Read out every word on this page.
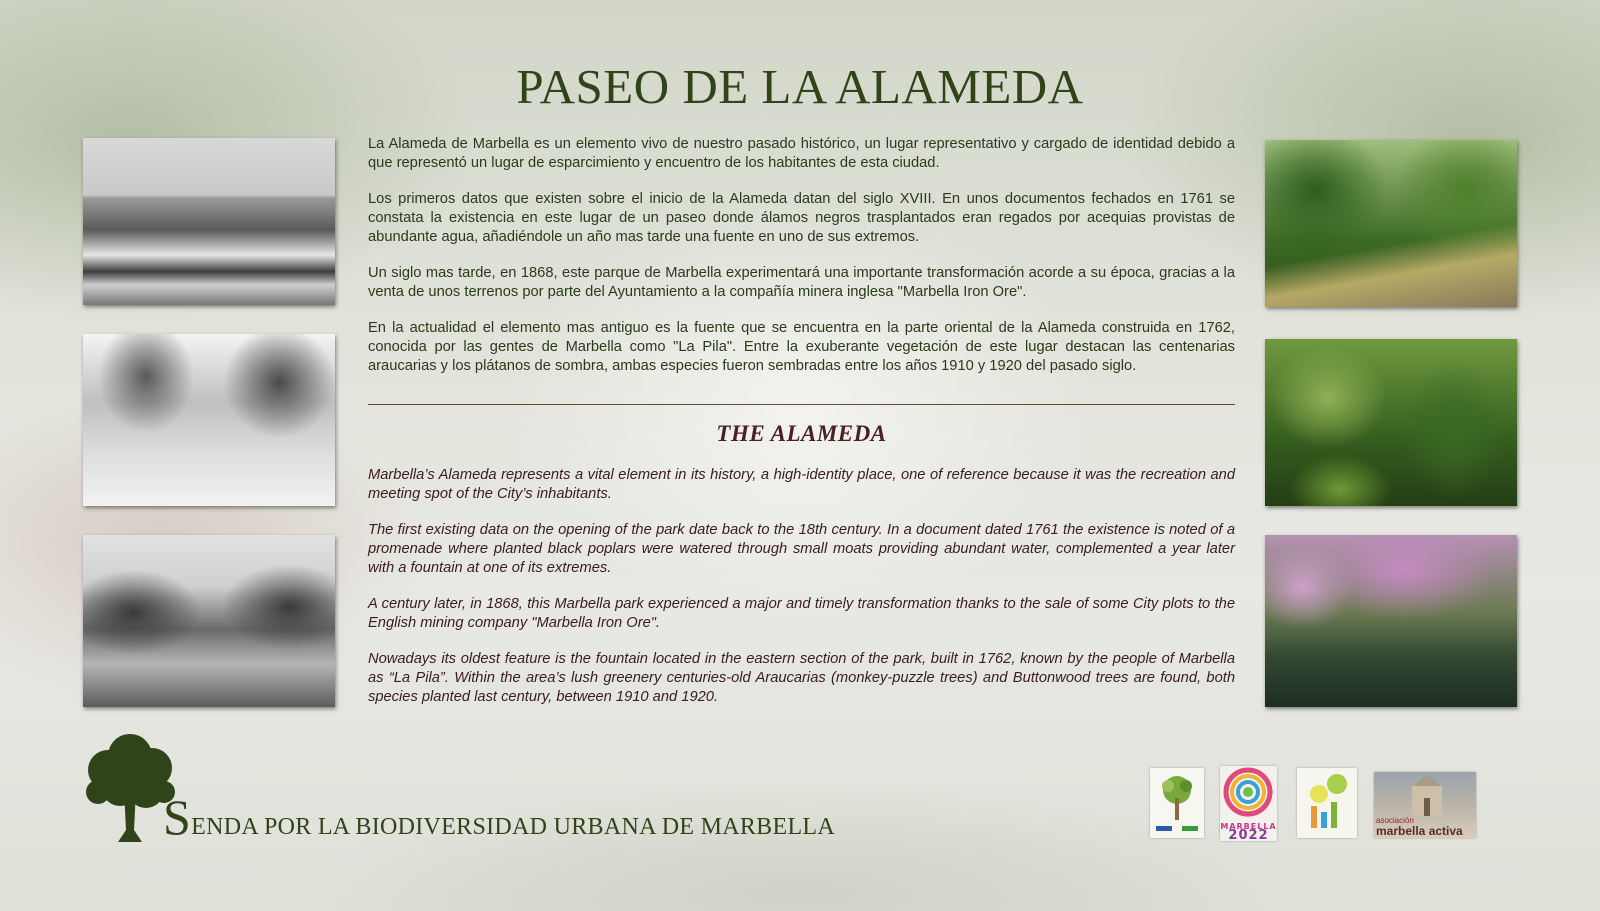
PASEO DE LA ALAMEDA

La Alameda de Marbella es un elemento vivo de nuestro pasado histórico, un lugar representativo y cargado de identidad debido a que representó un lugar de esparcimiento y encuentro de los habitantes de esta ciudad.

Los primeros datos que existen sobre el inicio de la Alameda datan del siglo XVIII. En unos documentos fechados en 1761 se constata la existencia en este lugar de un paseo donde álamos negros trasplantados eran regados por acequias provistas de abundante agua, añadiéndole un año mas tarde una fuente en uno de sus extremos.

Un siglo mas tarde, en 1868, este parque de Marbella experimentará una importante transformación acorde a su época, gracias a la venta de unos terrenos por parte del Ayuntamiento a la compañía minera inglesa "Marbella Iron Ore".

En la actualidad el elemento mas antiguo es la fuente que se encuentra en la parte oriental de la Alameda construida en 1762, conocida por las gentes de Marbella como "La Pila". Entre la exuberante vegetación de este lugar destacan las centenarias araucarias y los plátanos de sombra, ambas especies fueron sembradas entre los años 1910 y 1920 del pasado siglo.

THE ALAMEDA

Marbella’s Alameda represents a vital element in its history, a high-identity place, one of reference because it was the recreation and meeting spot of the City’s inhabitants.

The first existing data on the opening of the park date back to the 18th century. In a document dated 1761 the existence is noted of a promenade where planted black poplars were watered through small moats providing abundant water, complemented a year later with a fountain at one of its extremes.

A century later, in 1868, this Marbella park experienced a major and timely transformation thanks to the sale of some City plots to the English mining company "Marbella Iron Ore".

Nowadays its oldest feature is the fountain located in the eastern section of the park, built in 1762, known by the people of Marbella as “La Pila”. Within the area’s lush greenery centuries-old Araucarias (monkey-puzzle trees) and Buttonwood trees are found, both species planted last century, between 1910 and 1920.

SENDA POR LA BIODIVERSIDAD URBANA DE MARBELLA	MARBELLA
2022
asociación
marbella activa
